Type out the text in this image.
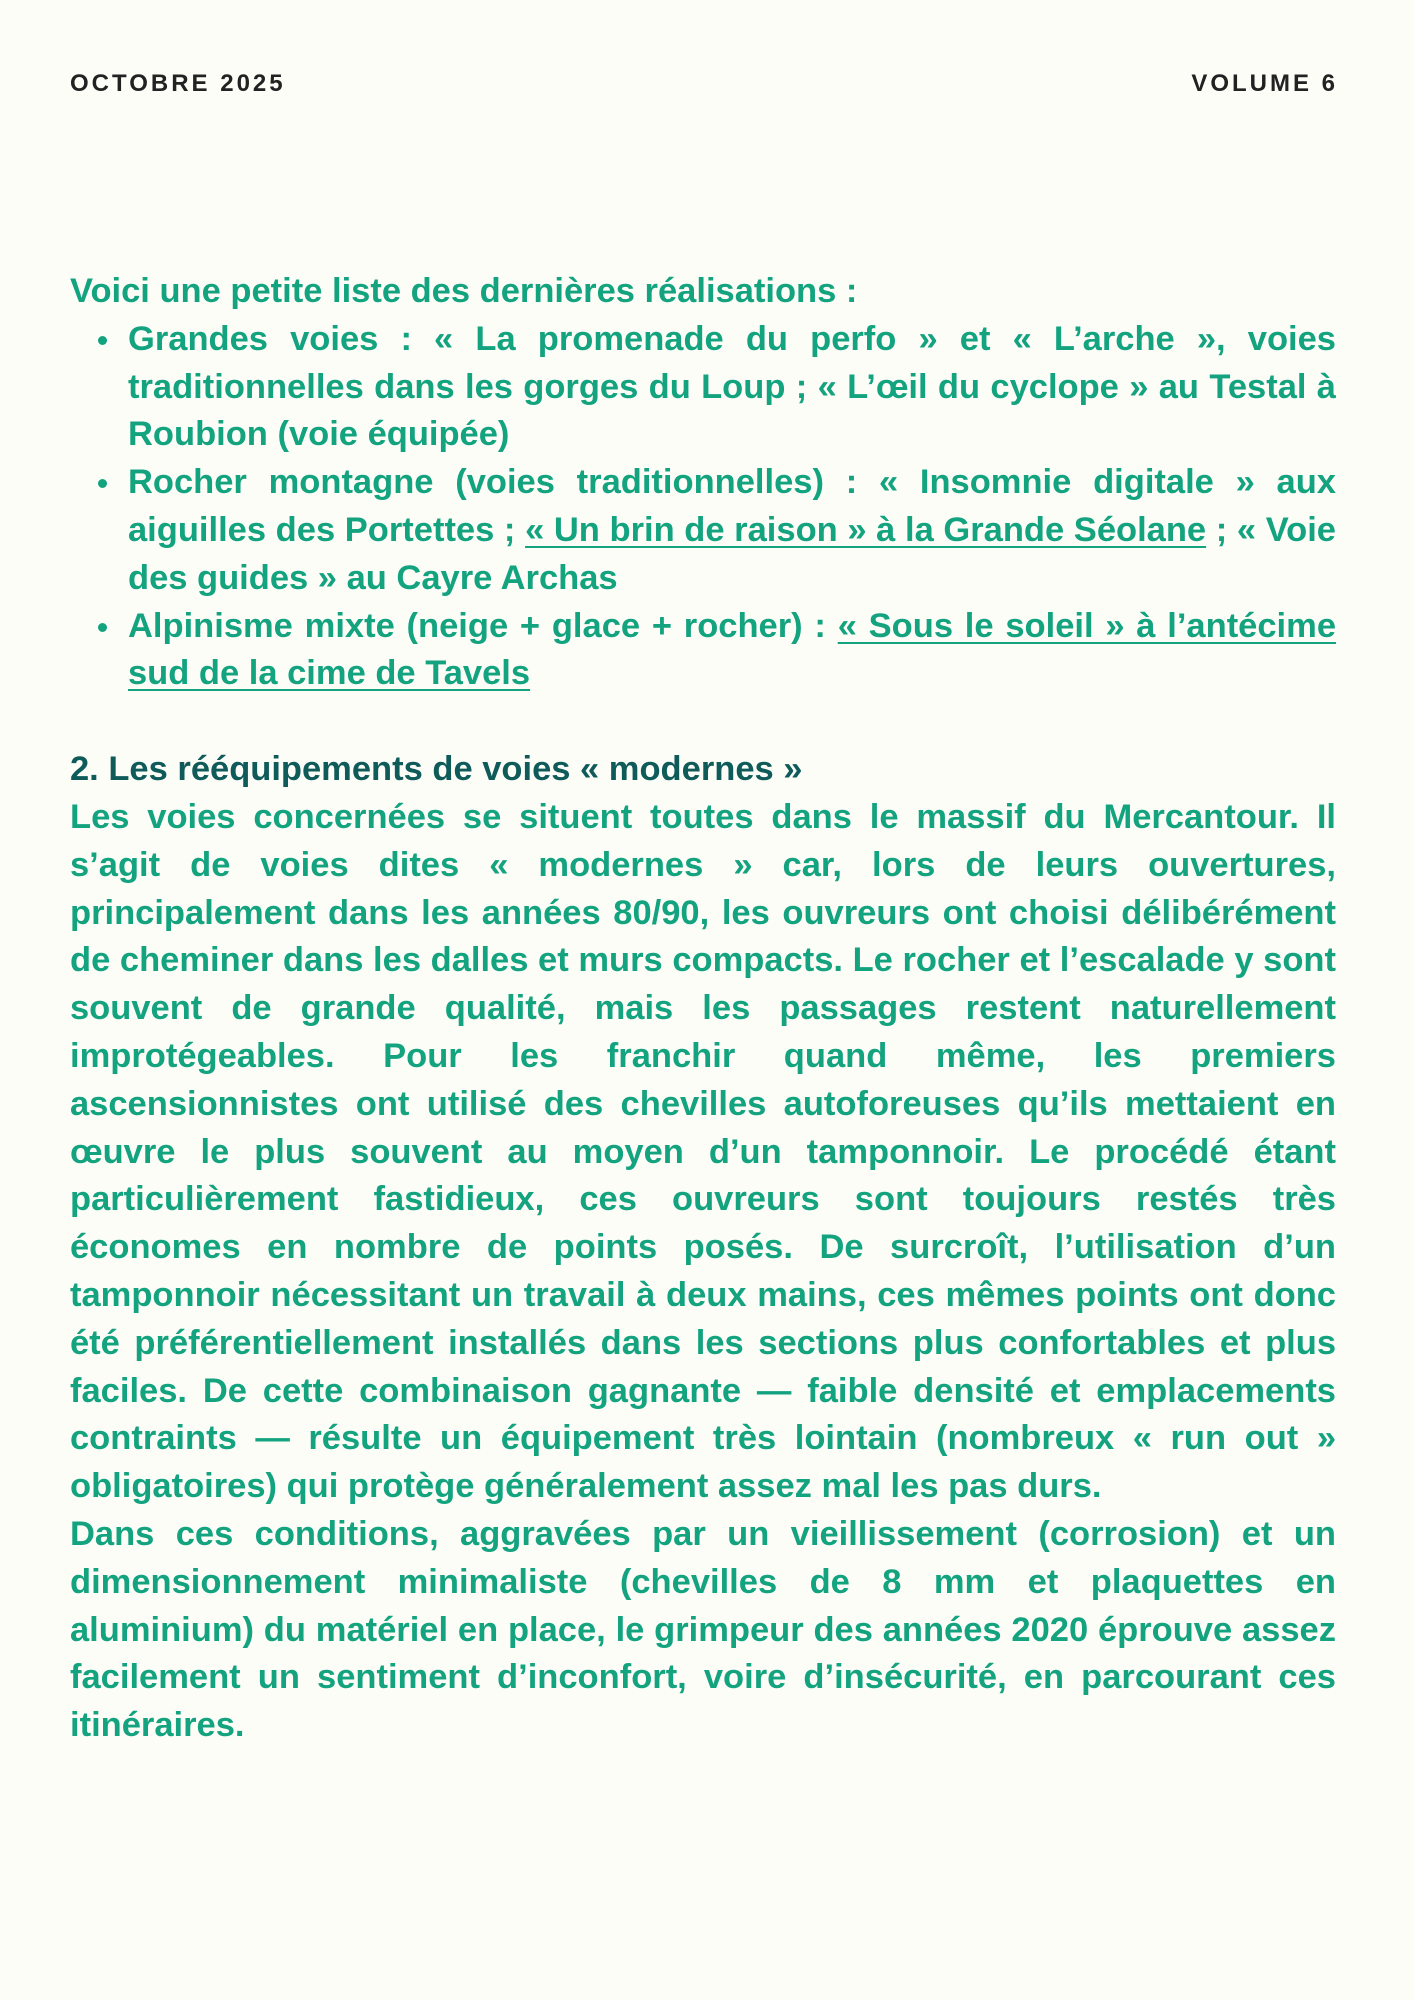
OCTOBRE 2025	VOLUME 6

Voici une petite liste des dernières réalisations :

Grandes voies : « La promenade du perfo » et « L’arche », voies traditionnelles dans les gorges du Loup ; « L’œil du cyclope » au Testal à Roubion (voie équipée)
Rocher montagne (voies traditionnelles) : « Insomnie digitale » aux aiguilles des Portettes ; « Un brin de raison » à la Grande Séolane ; « Voie des guides » au Cayre Archas
Alpinisme mixte (neige + glace + rocher) : « Sous le soleil » à l’antécime sud de la cime de Tavels
2. Les rééquipements de voies « modernes »

Les voies concernées se situent toutes dans le massif du Mercantour. Il s’agit de voies dites « modernes » car, lors de leurs ouvertures, principalement dans les années 80/90, les ouvreurs ont choisi délibérément de cheminer dans les dalles et murs compacts. Le rocher et l’escalade y sont souvent de grande qualité, mais les passages restent naturellement improtégeables. Pour les franchir quand même, les premiers ascensionnistes ont utilisé des chevilles autoforeuses qu’ils mettaient en œuvre le plus souvent au moyen d’un tamponnoir. Le procédé étant particulièrement fastidieux, ces ouvreurs sont toujours restés très économes en nombre de points posés. De surcroît, l’utilisation d’un tamponnoir nécessitant un travail à deux mains, ces mêmes points ont donc été préférentiellement installés dans les sections plus confortables et plus faciles. De cette combinaison gagnante — faible densité et emplacements contraints — résulte un équipement très lointain (nombreux « run out » obligatoires) qui protège généralement assez mal les pas durs.

Dans ces conditions, aggravées par un vieillissement (corrosion) et un dimensionnement minimaliste (chevilles de 8 mm et plaquettes en aluminium) du matériel en place, le grimpeur des années 2020 éprouve assez facilement un sentiment d’inconfort, voire d’insécurité, en parcourant ces itinéraires.
